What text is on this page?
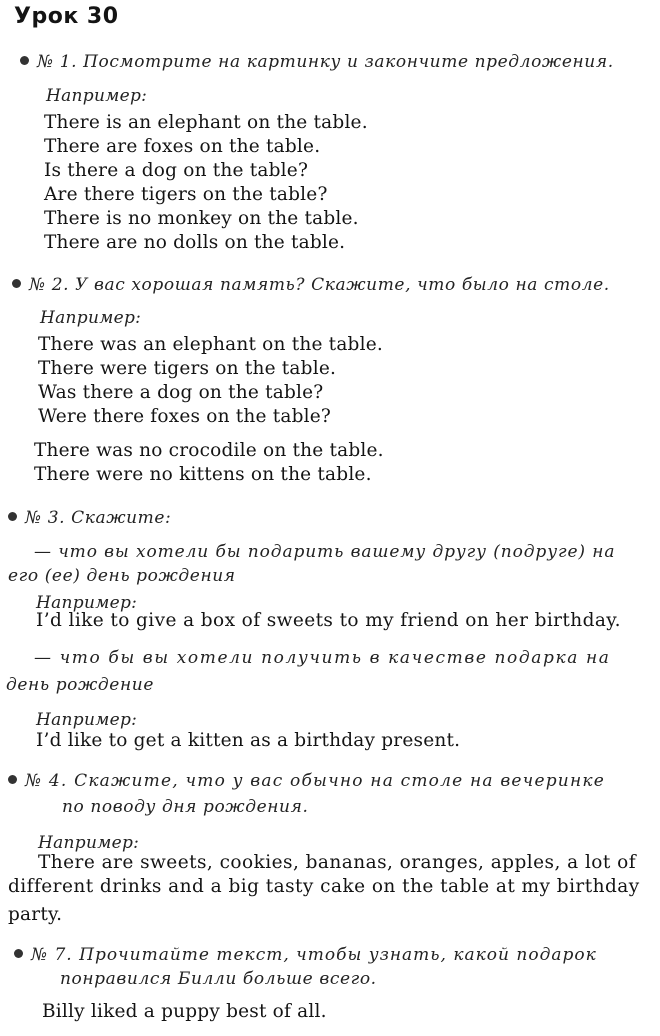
Урок 30
№ 1. Посмотрите на картинку и закончите предложения.
Например:
There is an elephant on the table.
There are foxes on the table.
Is there a dog on the table?
Are there tigers on the table?
There is no monkey on the table.
There are no dolls on the table.
№ 2. У вас хорошая память? Скажите, что было на столе.
Например:
There was an elephant on the table.
There were tigers on the table.
Was there a dog on the table?
Were there foxes on the table?
There was no crocodile on the table.
There were no kittens on the table.
№ 3. Скажите:
— что вы хотели бы подарить вашему другу (подруге) на
его (ее) день рождения
Например:
I’d like to give a box of sweets to my friend on her birthday.
— что бы вы хотели получить в качестве подарка на
день рождение
Например:
I’d like to get a kitten as a birthday present.
№ 4. Скажите, что у вас обычно на столе на вечеринке
по поводу дня рождения.
Например:
There are sweets, cookies, bananas, oranges, apples, a lot of
different drinks and a big tasty cake on the table at my birthday
party.
№ 7. Прочитайте текст, чтобы узнать, какой подарок
понравился Билли больше всего.
Billy liked a puppy best of all.
